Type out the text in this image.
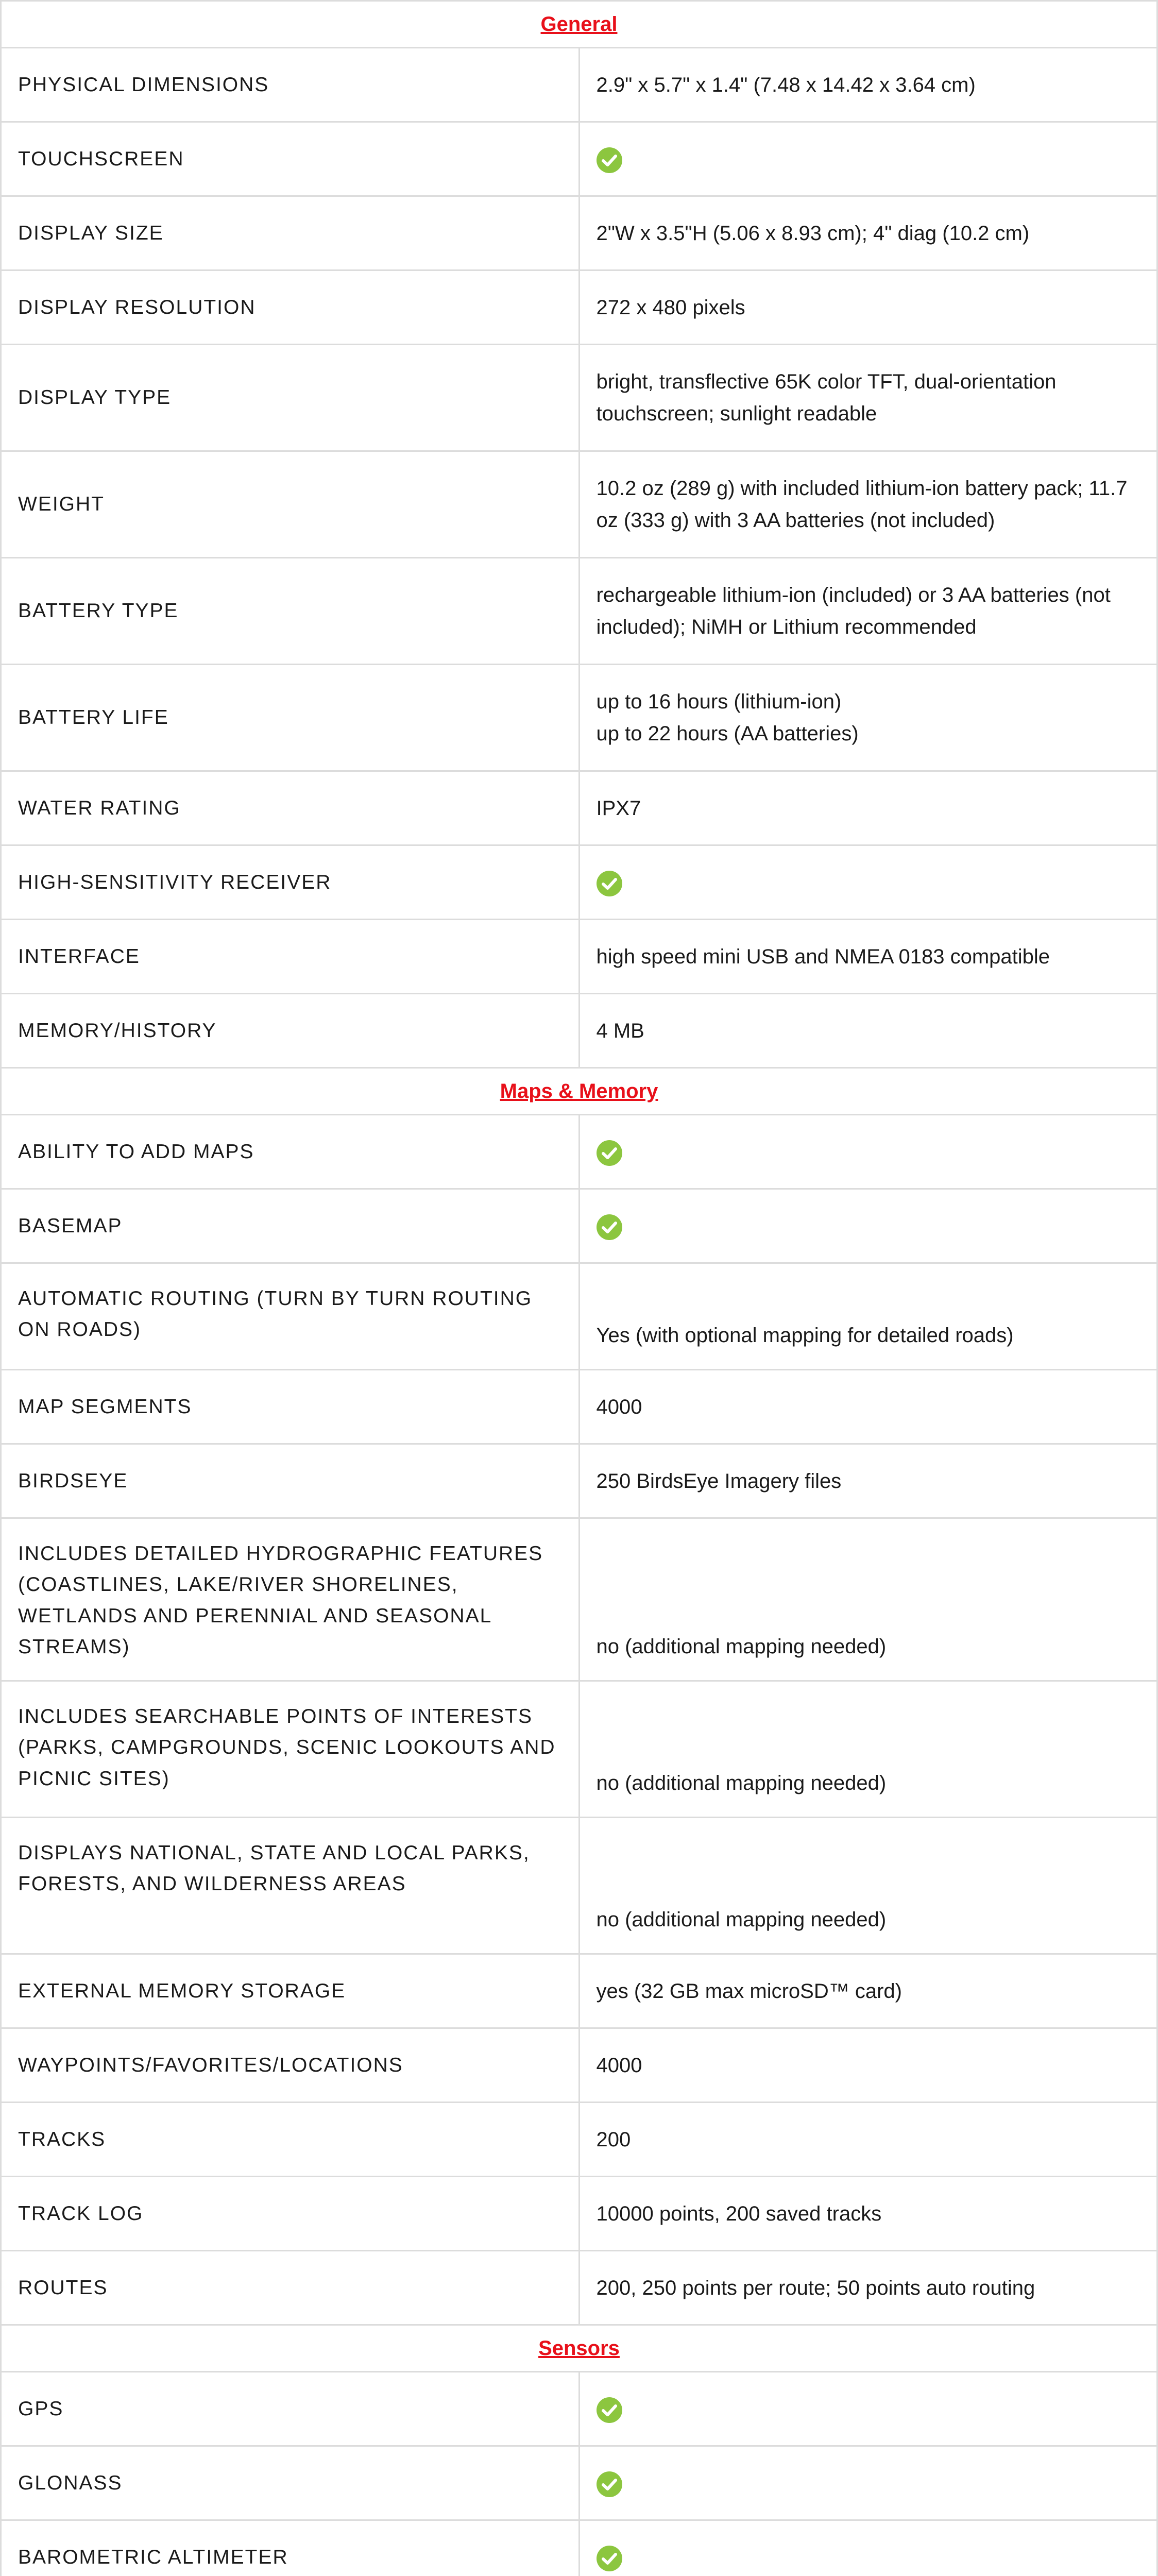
General	
PHYSICAL DIMENSIONS	2.9" x 5.7" x 1.4" (7.48 x 14.42 x 3.64 cm)
TOUCHSCREEN	
DISPLAY SIZE	2"W x 3.5"H (5.06 x 8.93 cm); 4" diag (10.2 cm)
DISPLAY RESOLUTION	272 x 480 pixels
DISPLAY TYPE	bright, transflective 65K color TFT, dual-orientation touchscreen; sunlight readable
WEIGHT	10.2 oz (289 g) with included lithium-ion battery pack; 11.7 oz (333 g) with 3 AA batteries (not included)
BATTERY TYPE	rechargeable lithium-ion (included) or 3 AA batteries (not included); NiMH or Lithium recommended
BATTERY LIFE	up to 16 hours (lithium-ion)
up to 22 hours (AA batteries)
WATER RATING	IPX7
HIGH-SENSITIVITY RECEIVER	
INTERFACE	high speed mini USB and NMEA 0183 compatible
MEMORY/HISTORY	4 MB
Maps & Memory	
ABILITY TO ADD MAPS	
BASEMAP	
AUTOMATIC ROUTING (TURN BY TURN ROUTING ON ROADS)	Yes (with optional mapping for detailed roads)
MAP SEGMENTS	4000
BIRDSEYE	250 BirdsEye Imagery files
INCLUDES DETAILED HYDROGRAPHIC FEATURES (COASTLINES, LAKE/RIVER SHORELINES, WETLANDS AND PERENNIAL AND SEASONAL STREAMS)	no (additional mapping needed)
INCLUDES SEARCHABLE POINTS OF INTERESTS (PARKS, CAMPGROUNDS, SCENIC LOOKOUTS AND PICNIC SITES)	no (additional mapping needed)
DISPLAYS NATIONAL, STATE AND LOCAL PARKS, FORESTS, AND WILDERNESS AREAS	no (additional mapping needed)
EXTERNAL MEMORY STORAGE	yes (32 GB max microSD™ card)
WAYPOINTS/FAVORITES/LOCATIONS	4000
TRACKS	200
TRACK LOG	10000 points, 200 saved tracks
ROUTES	200, 250 points per route; 50 points auto routing
Sensors	
GPS	
GLONASS	
BAROMETRIC ALTIMETER	
